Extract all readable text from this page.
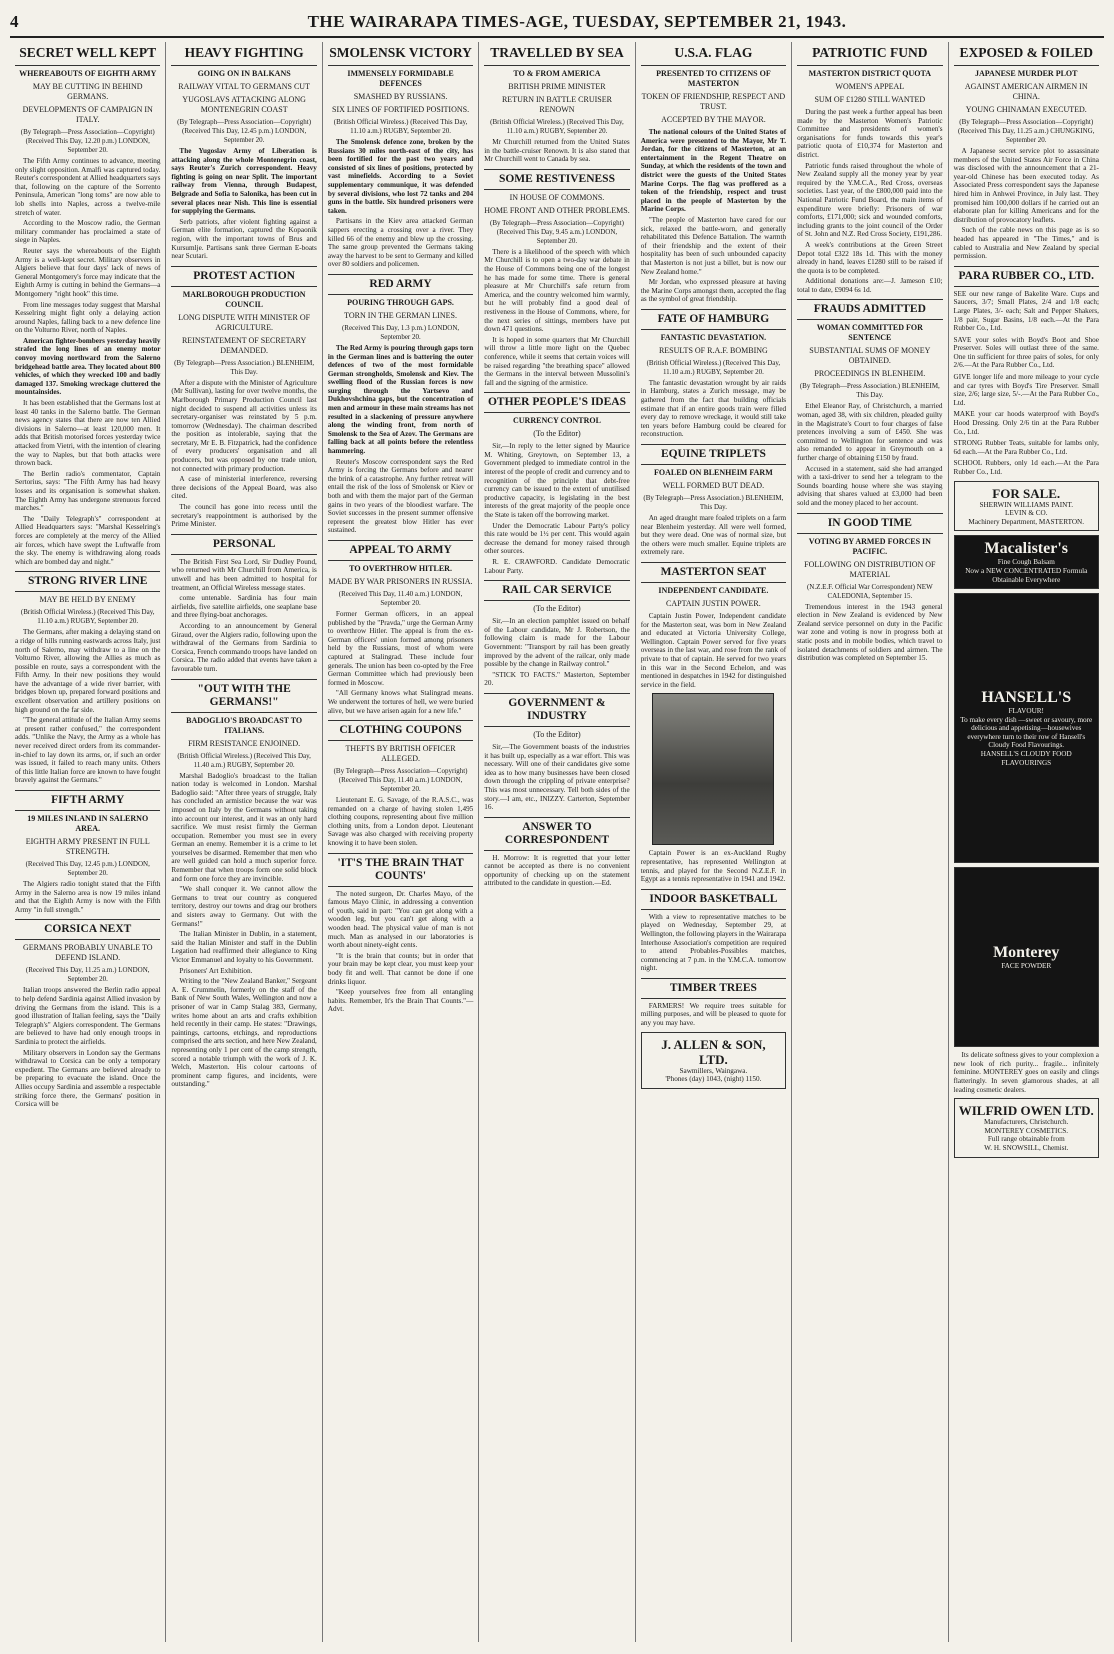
4	THE WAIRARAPA TIMES-AGE, TUESDAY, SEPTEMBER 21, 1943.
SECRET WELL KEPT
WHEREABOUTS OF EIGHTH ARMY
MAY BE CUTTING IN BEHIND GERMANS.
DEVELOPMENTS OF CAMPAIGN IN ITALY.
(By Telegraph—Press Association—Copyright) (Received This Day, 12.20 p.m.) LONDON, September 20.

The Fifth Army continues to advance, meeting only slight opposition. Amalfi was captured today. Reuter's correspondent at Allied headquarters says that, following on the capture of the Sorrento Peninsula, American "long toms" are now able to lob shells into Naples, across a twelve-mile stretch of water.

According to the Moscow radio, the German military commander has proclaimed a state of siege in Naples.

Reuter says the whereabouts of the Eighth Army is a well-kept secret. Military observers in Algiers believe that four days' lack of news of General Montgomery's force may indicate that the Eighth Army is cutting in behind the Germans—a Montgomery "right hook" this time.

From line messages today suggest that Marshal Kesselring might fight only a delaying action around Naples, falling back to a new defence line on the Volturno River, north of Naples.

American fighter-bombers yesterday heavily strafed the long lines of an enemy motor convoy moving northward from the Salerno bridgehead battle area. They located about 800 vehicles, of which they wrecked 100 and badly damaged 137. Smoking wreckage cluttered the mountainsides.

It has been established that the Germans lost at least 40 tanks in the Salerno battle. The German news agency states that there are now ten Allied divisions in Salerno—at least 120,000 men. It adds that British motorised forces yesterday twice attacked from Vietri, with the intention of clearing the way to Naples, but that both attacks were thrown back.

The Berlin radio's commentator, Captain Sertorius, says: "The Fifth Army has had heavy losses and its organisation is somewhat shaken. The Eighth Army has undergone strenuous forced marches."

The "Daily Telegraph's" correspondent at Allied Headquarters says: "Marshal Kesselring's forces are completely at the mercy of the Allied air forces, which have swept the Luftwaffe from the sky. The enemy is withdrawing along roads which are bombed day and night."

STRONG RIVER LINE
MAY BE HELD BY ENEMY
(British Official Wireless.) (Received This Day, 11.10 a.m.) RUGBY, September 20.

The Germans, after making a delaying stand on a ridge of hills running eastwards across Italy, just north of Salerno, may withdraw to a line on the Volturno River, allowing the Allies as much as possible en route, says a correspondent with the Fifth Army. In their new positions they would have the advantage of a wide river barrier, with bridges blown up, prepared forward positions and excellent observation and artillery positions on high ground on the far side.

"The general attitude of the Italian Army seems at present rather confused," the correspondent adds. "Unlike the Navy, the Army as a whole has never received direct orders from its commander-in-chief to lay down its arms, or, if such an order was issued, it failed to reach many units. Others of this little Italian force are known to have fought bravely against the Germans."

FIFTH ARMY
19 MILES INLAND IN SALERNO AREA.
EIGHTH ARMY PRESENT IN FULL STRENGTH.
(Received This Day, 12.45 p.m.) LONDON, September 20.

The Algiers radio tonight stated that the Fifth Army in the Salerno area is now 19 miles inland and that the Eighth Army is now with the Fifth Army "in full strength."

CORSICA NEXT
GERMANS PROBABLY UNABLE TO DEFEND ISLAND.
(Received This Day, 11.25 a.m.) LONDON, September 20.

Italian troops answered the Berlin radio appeal to help defend Sardinia against Allied invasion by driving the Germans from the island. This is a good illustration of Italian feeling, says the "Daily Telegraph's" Algiers correspondent. The Germans are believed to have had only enough troops in Sardinia to protect the airfields.

Military observers in London say the Germans withdrawal to Corsica can be only a temporary expedient. The Germans are believed already to be preparing to evacuate the island. Once the Allies occupy Sardinia and assemble a respectable striking force there, the Germans' position in Corsica will be

HEAVY FIGHTING
GOING ON IN BALKANS
RAILWAY VITAL TO GERMANS CUT
YUGOSLAVS ATTACKING ALONG MONTENEGRIN COAST
(By Telegraph—Press Association—Copyright) (Received This Day, 12.45 p.m.) LONDON, September 20.

The Yugoslav Army of Liberation is attacking along the whole Montenegrin coast, says Reuter's Zurich correspondent. Heavy fighting is going on near Split. The important railway from Vienna, through Budapest, Belgrade and Sofia to Salonika, has been cut in several places near Nish. This line is essential for supplying the Germans.

Serb patriots, after violent fighting against a German elite formation, captured the Kopaonik region, with the important towns of Brus and Kursumlje. Partisans sank three German E-boats near Scutari.

PROTEST ACTION
MARLBOROUGH PRODUCTION COUNCIL
LONG DISPUTE WITH MINISTER OF AGRICULTURE.
REINSTATEMENT OF SECRETARY DEMANDED.
(By Telegraph—Press Association.) BLENHEIM, This Day.

After a dispute with the Minister of Agriculture (Mr Sullivan), lasting for over twelve months, the Marlborough Primary Production Council last night decided to suspend all activities unless its secretary-organiser was reinstated by 5 p.m. tomorrow (Wednesday). The chairman described the position as intolerable, saying that the secretary, Mr E. B. Fitzpatrick, had the confidence of every producers' organisation and all producers, but was opposed by one trade union, not connected with primary production.

A case of ministerial interference, reversing three decisions of the Appeal Board, was also cited.

The council has gone into recess until the secretary's reappointment is authorised by the Prime Minister.

PERSONAL

The British First Sea Lord, Sir Dudley Pound, who returned with Mr Churchill from America, is unwell and has been admitted to hospital for treatment, an Official Wireless message states.

come untenable. Sardinia has four main airfields, five satellite airfields, one seaplane base and three flying-boat anchorages.

According to an announcement by General Giraud, over the Algiers radio, following upon the withdrawal of the Germans from Sardinia to Corsica, French commando troops have landed on Corsica. The radio added that events have taken a favourable turn.

"OUT WITH THE GERMANS!"
BADOGLIO'S BROADCAST TO ITALIANS.
FIRM RESISTANCE ENJOINED.
(British Official Wireless.) (Received This Day, 11.40 a.m.) RUGBY, September 20.

Marshal Badoglio's broadcast to the Italian nation today is welcomed in London. Marshal Badoglio said: "After three years of struggle, Italy has concluded an armistice because the war was imposed on Italy by the Germans without taking into account our interest, and it was an only hard sacrifice. We must resist firmly the German occupation. Remember you must see in every German an enemy. Remember it is a crime to let yourselves be disarmed. Remember that men who are well guided can hold a much superior force. Remember that when troops form one solid block and form one force they are invincible.

"We shall conquer it. We cannot allow the Germans to treat our country as conquered territory, destroy our towns and drag our brothers and sisters away to Germany. Out with the Germans!"

The Italian Minister in Dublin, in a statement, said the Italian Minister and staff in the Dublin Legation had reaffirmed their allegiance to King Victor Emmanuel and loyalty to his Government.

Prisoners' Art Exhibition.

Writing to the "New Zealand Banker," Sergeant A. E. Crummelin, formerly on the staff of the Bank of New South Wales, Wellington and now a prisoner of war in Camp Stalag 383, Germany, writes home about an arts and crafts exhibition held recently in their camp. He states: "Drawings, paintings, cartoons, etchings, and reproductions comprised the arts section, and here New Zealand, representing only 1 per cent of the camp strength, scored a notable triumph with the work of J. K. Welch, Masterton. His colour cartoons of prominent camp figures, and incidents, were outstanding."

SMOLENSK VICTORY
IMMENSELY FORMIDABLE DEFENCES
SMASHED BY RUSSIANS.
SIX LINES OF FORTIFIED POSITIONS.
(British Official Wireless.) (Received This Day, 11.10 a.m.) RUGBY, September 20.

The Smolensk defence zone, broken by the Russians 30 miles north-east of the city, has been fortified for the past two years and consisted of six lines of positions, protected by vast minefields. According to a Soviet supplementary communique, it was defended by several divisions, who lost 72 tanks and 204 guns in the battle. Six hundred prisoners were taken.

Partisans in the Kiev area attacked German sappers erecting a crossing over a river. They killed 66 of the enemy and blew up the crossing. The same group prevented the Germans taking away the harvest to be sent to Germany and killed over 80 soldiers and policemen.

RED ARMY
POURING THROUGH GAPS.
TORN IN THE GERMAN LINES.
(Received This Day, 1.3 p.m.) LONDON, September 20.

The Red Army is pouring through gaps torn in the German lines and is battering the outer defences of two of the most formidable German strongholds, Smolensk and Kiev. The swelling flood of the Russian forces is now surging through the Yartsevo and Dukhovshchina gaps, but the concentration of men and armour in these main streams has not resulted in a slackening of pressure anywhere along the winding front, from north of Smolensk to the Sea of Azov. The Germans are falling back at all points before the relentless hammering.

Reuter's Moscow correspondent says the Red Army is forcing the Germans before and nearer the brink of a catastrophe. Any further retreat will entail the risk of the loss of Smolensk or Kiev or both and with them the major part of the German gains in two years of the bloodiest warfare. The Soviet successes in the present summer offensive represent the greatest blow Hitler has ever sustained.

APPEAL TO ARMY
TO OVERTHROW HITLER.
MADE BY WAR PRISONERS IN RUSSIA.
(Received This Day, 11.40 a.m.) LONDON, September 20.

Former German officers, in an appeal published by the "Pravda," urge the German Army to overthrow Hitler. The appeal is from the ex-German officers' union formed among prisoners held by the Russians, most of whom were captured at Stalingrad. These include four generals. The union has been co-opted by the Free German Committee which had previously been formed in Moscow.

"All Germany knows what Stalingrad means. We underwent the tortures of hell, we were buried alive, but we have arisen again for a new life."

CLOTHING COUPONS
THEFTS BY BRITISH OFFICER ALLEGED.
(By Telegraph—Press Association—Copyright) (Received This Day, 11.40 a.m.) LONDON, September 20.

Lieutenant E. G. Savage, of the R.A.S.C., was remanded on a charge of having stolen 1,495 clothing coupons, representing about five million clothing units, from a London depot. Lieutenant Savage was also charged with receiving property knowing it to have been stolen.

'IT'S THE BRAIN THAT COUNTS'

The noted surgeon, Dr. Charles Mayo, of the famous Mayo Clinic, in addressing a convention of youth, said in part: "You can get along with a wooden leg, but you can't get along with a wooden head. The physical value of man is not much. Man as analysed in our laboratories is worth about ninety-eight cents.

"It is the brain that counts; but in order that your brain may be kept clear, you must keep your body fit and well. That cannot be done if one drinks liquor.

"Keep yourselves free from all entangling habits. Remember, It's the Brain That Counts."—Advt.

TRAVELLED BY SEA
TO & FROM AMERICA
BRITISH PRIME MINISTER
RETURN IN BATTLE CRUISER RENOWN
(British Official Wireless.) (Received This Day, 11.10 a.m.) RUGBY, September 20.

Mr Churchill returned from the United States in the battle-cruiser Renown. It is also stated that Mr Churchill went to Canada by sea.

SOME RESTIVENESS
IN HOUSE OF COMMONS.
HOME FRONT AND OTHER PROBLEMS.
(By Telegraph—Press Association—Copyright) (Received This Day, 9.45 a.m.) LONDON, September 20.

There is a likelihood of the speech with which Mr Churchill is to open a two-day war debate in the House of Commons being one of the longest he has made for some time. There is general pleasure at Mr Churchill's safe return from America, and the country welcomed him warmly, but he will probably find a good deal of restiveness in the House of Commons, where, for the next series of sittings, members have put down 471 questions.

It is hoped in some quarters that Mr Churchill will throw a little more light on the Quebec conference, while it seems that certain voices will be raised regarding "the breathing space" allowed the Germans in the interval between Mussolini's fall and the signing of the armistice.

OTHER PEOPLE'S IDEAS
CURRENCY CONTROL
(To the Editor)

Sir,—In reply to the letter signed by Maurice M. Whiting, Greytown, on September 13, a Government pledged to immediate control in the interest of the people of credit and currency and to recognition of the principle that debt-free currency can be issued to the extent of unutilised productive capacity, is legislating in the best interests of the great majority of the people once the State is taken off the borrowing market.

Under the Democratic Labour Party's policy this rate would be 1½ per cent. This would again decrease the demand for money raised through other sources.

R. E. CRAWFORD. Candidate Democratic Labour Party.

RAIL CAR SERVICE
(To the Editor)

Sir,—In an election pamphlet issued on behalf of the Labour candidate, Mr J. Robertson, the following claim is made for the Labour Government: "Transport by rail has been greatly improved by the advent of the railcar, only made possible by the change in Railway control."

"STICK TO FACTS." Masterton, September 20.

GOVERNMENT & INDUSTRY
(To the Editor)

Sir,—The Government boasts of the industries it has built up, especially as a war effort. This was necessary. Will one of their candidates give some idea as to how many businesses have been closed down through the crippling of private enterprise? This was most unnecessary. Tell both sides of the story.—I am, etc., INIZZY. Carterton, September 16.

ANSWER TO CORRESPONDENT

H. Morrow: It is regretted that your letter cannot be accepted as there is no convenient opportunity of checking up on the statement attributed to the candidate in question.—Ed.

U.S.A. FLAG
PRESENTED TO CITIZENS OF MASTERTON
TOKEN OF FRIENDSHIP, RESPECT AND TRUST.
ACCEPTED BY THE MAYOR.

The national colours of the United States of America were presented to the Mayor, Mr T. Jordan, for the citizens of Masterton, at an entertainment in the Regent Theatre on Sunday, at which the residents of the town and district were the guests of the United States Marine Corps. The flag was proffered as a token of the friendship, respect and trust placed in the people of Masterton by the Marine Corps.

"The people of Masterton have cared for our sick, relaxed the battle-worn, and generally rehabilitated this Defence Battalion. The warmth of their friendship and the extent of their hospitality has been of such unbounded capacity that Masterton is not just a billet, but is now our New Zealand home."

Mr Jordan, who expressed pleasure at having the Marine Corps amongst them, accepted the flag as the symbol of great friendship.

FATE OF HAMBURG
FANTASTIC DEVASTATION.
RESULTS OF R.A.F. BOMBING
(British Official Wireless.) (Received This Day, 11.10 a.m.) RUGBY, September 20.

The fantastic devastation wrought by air raids in Hamburg, states a Zurich message, may be gathered from the fact that building officials estimate that if an entire goods train were filled every day to remove wreckage, it would still take ten years before Hamburg could be cleared for reconstruction.

EQUINE TRIPLETS
FOALED ON BLENHEIM FARM
WELL FORMED BUT DEAD.
(By Telegraph—Press Association.) BLENHEIM, This Day.

An aged draught mare foaled triplets on a farm near Blenheim yesterday. All were well formed, but they were dead. One was of normal size, but the others were much smaller. Equine triplets are extremely rare.

MASTERTON SEAT
INDEPENDENT CANDIDATE.
CAPTAIN JUSTIN POWER.

Captain Justin Power, Independent candidate for the Masterton seat, was born in New Zealand and educated at Victoria University College, Wellington. Captain Power served for five years overseas in the last war, and rose from the rank of private to that of captain. He served for two years in this war in the Second Echelon, and was mentioned in despatches in 1942 for distinguished service in the field.

Captain Power is an ex-Auckland Rugby representative, has represented Wellington at tennis, and played for the Second N.Z.E.F. in Egypt as a tennis representative in 1941 and 1942.

INDOOR BASKETBALL

With a view to representative matches to be played on Wednesday, September 29, at Wellington, the following players in the Wairarapa Interhouse Association's competition are required to attend Probables-Possibles matches, commencing at 7 p.m. in the Y.M.C.A. tomorrow night.

TIMBER TREES

FARMERS! We require trees suitable for milling purposes, and will be pleased to quote for any you may have.

J. ALLEN & SON, LTD.
Sawmillers, Waingawa.
'Phones (day) 1043, (night) 1150.
PATRIOTIC FUND
MASTERTON DISTRICT QUOTA
WOMEN'S APPEAL
SUM OF £1280 STILL WANTED

During the past week a further appeal has been made by the Masterton Women's Patriotic Committee and presidents of women's organisations for funds towards this year's patriotic quota of £10,374 for Masterton and district.

Patriotic funds raised throughout the whole of New Zealand supply all the money year by year required by the Y.M.C.A., Red Cross, overseas societies. Last year, of the £800,000 paid into the National Patriotic Fund Board, the main items of expenditure were briefly: Prisoners of war comforts, £171,000; sick and wounded comforts, including grants to the joint council of the Order of St. John and N.Z. Red Cross Society, £191,286.

A week's contributions at the Green Street Depot total £322 18s 1d. This with the money already in hand, leaves £1280 still to be raised if the quota is to be completed.

Additional donations are:—J. Jameson £10; total to date, £9094 6s 1d.

FRAUDS ADMITTED
WOMAN COMMITTED FOR SENTENCE
SUBSTANTIAL SUMS OF MONEY OBTAINED.
PROCEEDINGS IN BLENHEIM.
(By Telegraph—Press Association.) BLENHEIM, This Day.

Ethel Eleanor Ray, of Christchurch, a married woman, aged 38, with six children, pleaded guilty in the Magistrate's Court to four charges of false pretences involving a sum of £450. She was committed to Wellington for sentence and was also remanded to appear in Greymouth on a further charge of obtaining £150 by fraud.

Accused in a statement, said she had arranged with a taxi-driver to send her a telegram to the Sounds boarding house where she was staying advising that shares valued at £3,000 had been sold and the money placed to her account.

IN GOOD TIME
VOTING BY ARMED FORCES IN PACIFIC.
FOLLOWING ON DISTRIBUTION OF MATERIAL
(N.Z.E.F. Official War Correspondent) NEW CALEDONIA, September 15.

Tremendous interest in the 1943 general election in New Zealand is evidenced by New Zealand service personnel on duty in the Pacific war zone and voting is now in progress both at static posts and in mobile bodies, which travel to isolated detachments of soldiers and airmen. The distribution was completed on September 15.

EXPOSED & FOILED
JAPANESE MURDER PLOT
AGAINST AMERICAN AIRMEN IN CHINA.
YOUNG CHINAMAN EXECUTED.
(By Telegraph—Press Association—Copyright) (Received This Day, 11.25 a.m.) CHUNGKING, September 20.

A Japanese secret service plot to assassinate members of the United States Air Force in China was disclosed with the announcement that a 21-year-old Chinese has been executed today. As Associated Press correspondent says the Japanese hired him in Anhwei Province, in July last. They promised him 100,000 dollars if he carried out an elaborate plan for killing Americans and for the distribution of provocatory leaflets.

Such of the cable news on this page as is so headed has appeared in "The Times," and is cabled to Australia and New Zealand by special permission.

PARA RUBBER CO., LTD.

SEE our new range of Bakelite Ware. Cups and Saucers, 3/7; Small Plates, 2/4 and 1/8 each; Large Plates, 3/- each; Salt and Pepper Shakers, 1/8 pair, Sugar Basins, 1/8 each.—At the Para Rubber Co., Ltd.

SAVE your soles with Boyd's Boot and Shoe Preserver. Soles will outlast three of the same. One tin sufficient for three pairs of soles, for only 2/6.—At the Para Rubber Co., Ltd.

GIVE longer life and more mileage to your cycle and car tyres with Boyd's Tire Preserver. Small size, 2/6; large size, 5/-.—At the Para Rubber Co., Ltd.

MAKE your car hoods waterproof with Boyd's Hood Dressing. Only 2/6 tin at the Para Rubber Co., Ltd.

STRONG Rubber Teats, suitable for lambs only, 6d each.—At the Para Rubber Co., Ltd.

SCHOOL Rubbers, only 1d each.—At the Para Rubber Co., Ltd.

FOR SALE.
SHERWIN WILLIAMS PAINT.
LEVIN & CO.
Machinery Department, MASTERTON.
Macalister's
Fine Cough Balsam
Now a NEW CONCENTRATED Formula
Obtainable Everywhere
HANSELL'S
FLAVOUR!
To make every dish —sweet or savoury, more delicious and appetising—housewives everywhere turn to their row of Hansell's Cloudy Food Flavourings.
HANSELL'S CLOUDY FOOD FLAVOURINGS
Monterey
FACE POWDER

Its delicate softness gives to your complexion a new look of rich purity... fragile... infinitely feminine. MONTEREY goes on easily and clings flatteringly. In seven glamorous shades, at all leading cosmetic dealers.

WILFRID OWEN LTD.
Manufacturers, Christchurch.
MONTEREY COSMETICS.
Full range obtainable from
W. H. SNOWSILL, Chemist.
